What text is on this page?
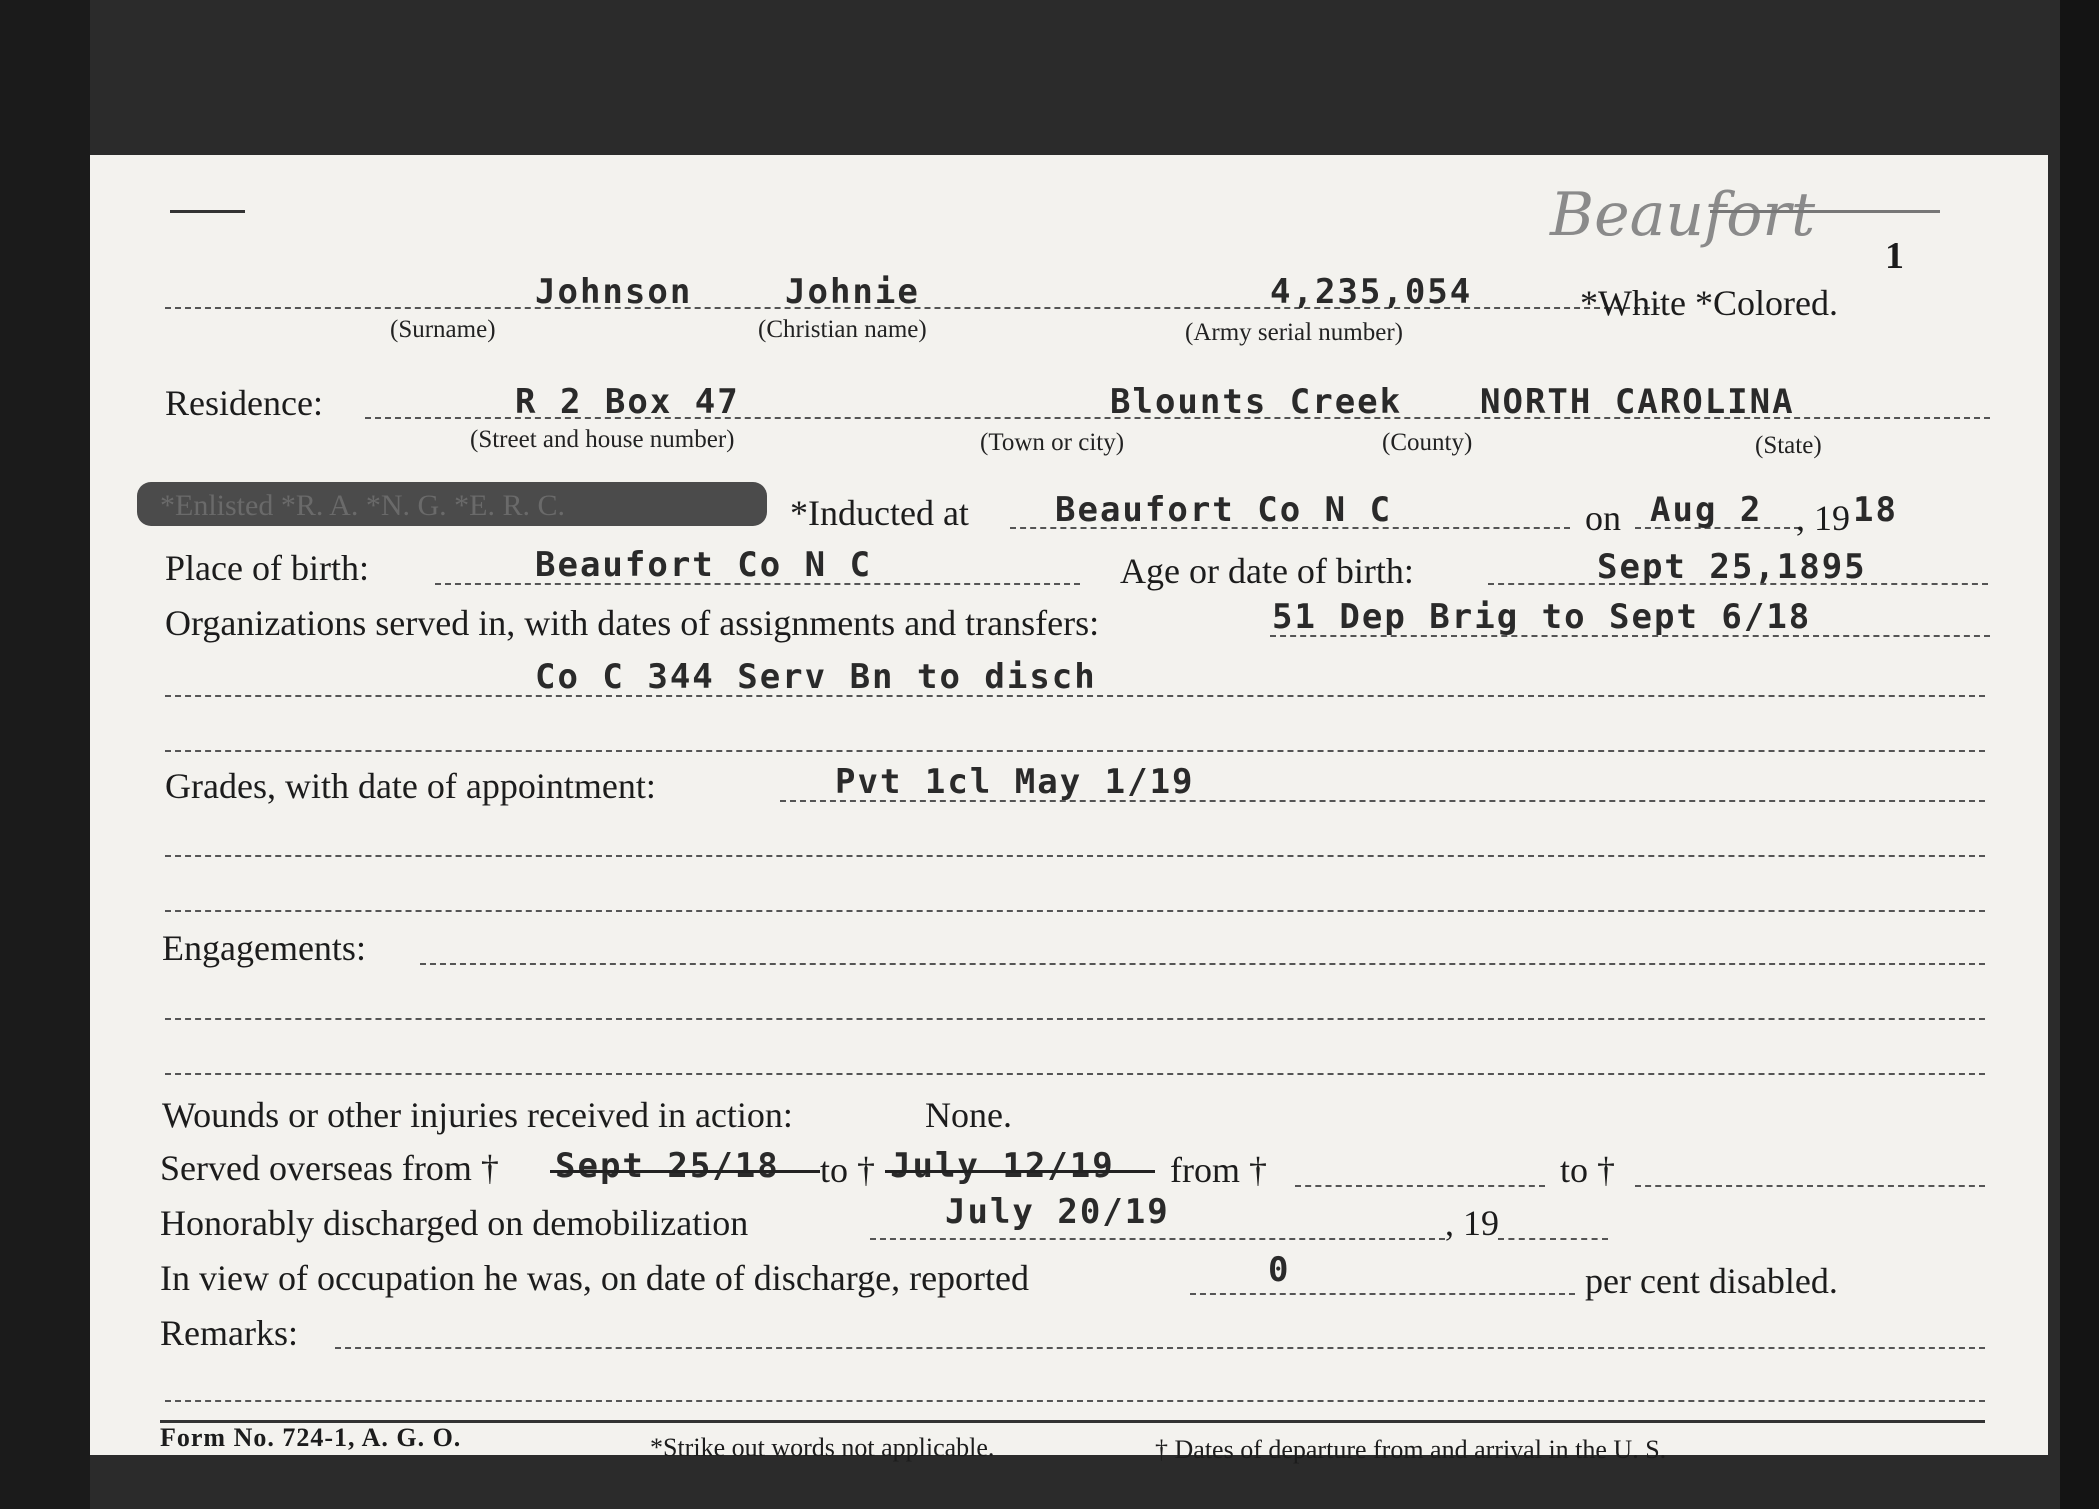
Beaufort
1
Johnson	Johnie	4,235,054	*White *Colored.
(Surname)	(Christian name)	(Army serial number)
Residence:	R 2 Box 47	Blounts Creek NORTH CAROLINA
(Street and house number)	(Town or city)	(County)	(State)
*Enlisted *R. A. *N. G. *E. R. C.	*Inducted at	Beaufort Co N C	on Aug 2 , 19 18
Place of birth:	Beaufort Co N C	Age or date of birth:	Sept 25,1895
Organizations served in, with dates of assignments and transfers:	51 Dep Brig to Sept 6/18
Co C 344 Serv Bn to disch
Grades, with date of appointment:	Pvt 1cl May 1/19
Engagements:
Wounds or other injuries received in action:	None.
Served overseas from † Sept 25/18 to † July 12/19 from †	to †
Honorably discharged on demobilization	July 20/19	, 19
In view of occupation he was, on date of discharge, reported	0	per cent disabled.
Remarks:
Form No. 724-1, A. G. O.	*Strike out words not applicable.	† Dates of departure from and arrival in the U. S.
